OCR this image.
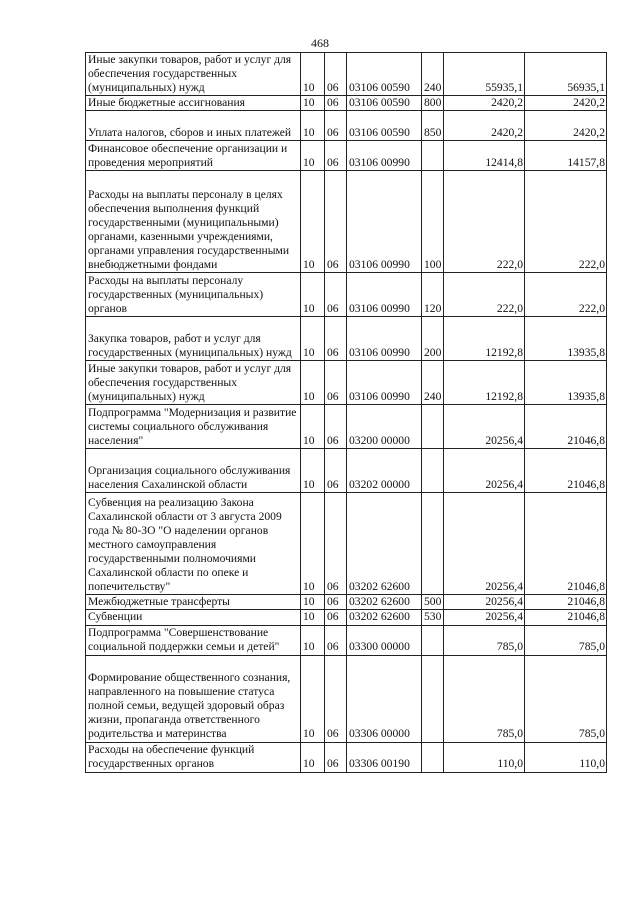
468
Иные закупки товаров, работ и услуг для обеспечения государственных (муниципальных) нужд	10	06	03106 00590	240	55935,1	56935,1
Иные бюджетные ассигнования	10	06	03106 00590	800	2420,2	2420,2
Уплата налогов, сборов и иных платежей	10	06	03106 00590	850	2420,2	2420,2
Финансовое обеспечение организации и проведения мероприятий	10	06	03106 00990		12414,8	14157,8
Расходы на выплаты персоналу в целях обеспечения выполнения функций государственными (муниципальными) органами, казенными учреждениями, органами управления государственными внебюджетными фондами	10	06	03106 00990	100	222,0	222,0
Расходы на выплаты персоналу государственных (муниципальных) органов	10	06	03106 00990	120	222,0	222,0
Закупка товаров, работ и услуг для государственных (муниципальных) нужд	10	06	03106 00990	200	12192,8	13935,8
Иные закупки товаров, работ и услуг для обеспечения государственных (муниципальных) нужд	10	06	03106 00990	240	12192,8	13935,8
Подпрограмма "Модернизация и развитие системы социального обслуживания населения"	10	06	03200 00000		20256,4	21046,8
Организация социального обслуживания населения Сахалинской области	10	06	03202 00000		20256,4	21046,8
Субвенция на реализацию Закона Сахалинской области от 3 августа 2009 года № 80-ЗО "О наделении органов местного самоуправления государственными полномочиями Сахалинской области по опеке и попечительству"	10	06	03202 62600		20256,4	21046,8
Межбюджетные трансферты	10	06	03202 62600	500	20256,4	21046,8
Субвенции	10	06	03202 62600	530	20256,4	21046,8
Подпрограмма "Совершенствование социальной поддержки семьи и детей"	10	06	03300 00000		785,0	785,0
Формирование общественного сознания, направленного на повышение статуса полной семьи, ведущей здоровый образ жизни, пропаганда ответственного родительства и материнства	10	06	03306 00000		785,0	785,0
Расходы на обеспечение функций государственных органов	10	06	03306 00190		110,0	110,0
